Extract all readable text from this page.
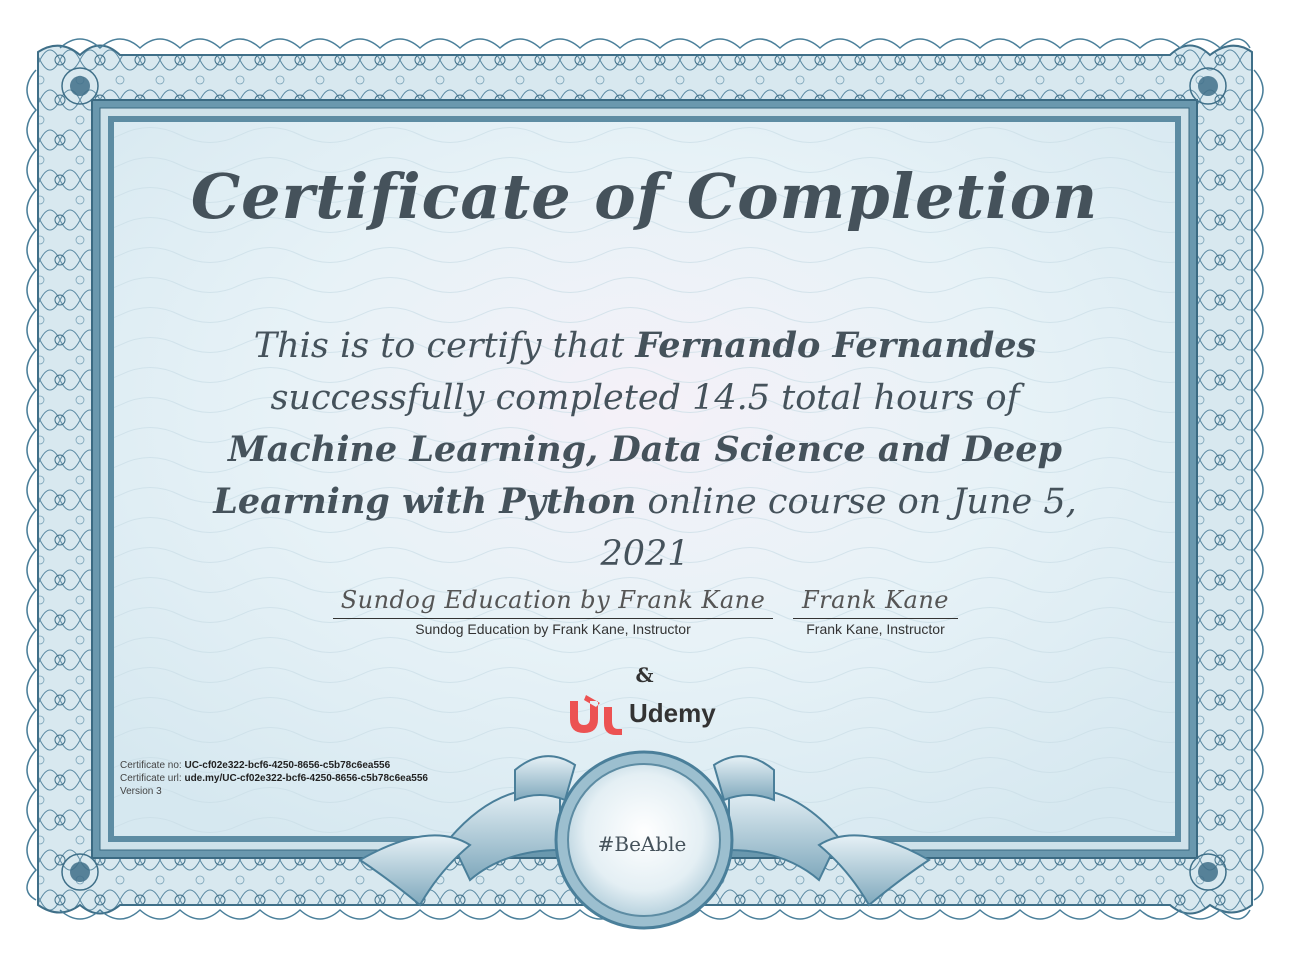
Certificate of Completion
This is to certify that Fernando Fernandes
successfully completed 14.5 total hours of
Machine Learning, Data Science and Deep Learning with Python online course on June 5, 2021
Sundog Education by Frank Kane
Sundog Education by Frank Kane, Instructor
Frank Kane
Frank Kane, Instructor
&
Udemy
Certificate no: UC-cf02e322-bcf6-4250-8656-c5b78c6ea556
Certificate url: ude.my/UC-cf02e322-bcf6-4250-8656-c5b78c6ea556
Version 3
#BeAble
